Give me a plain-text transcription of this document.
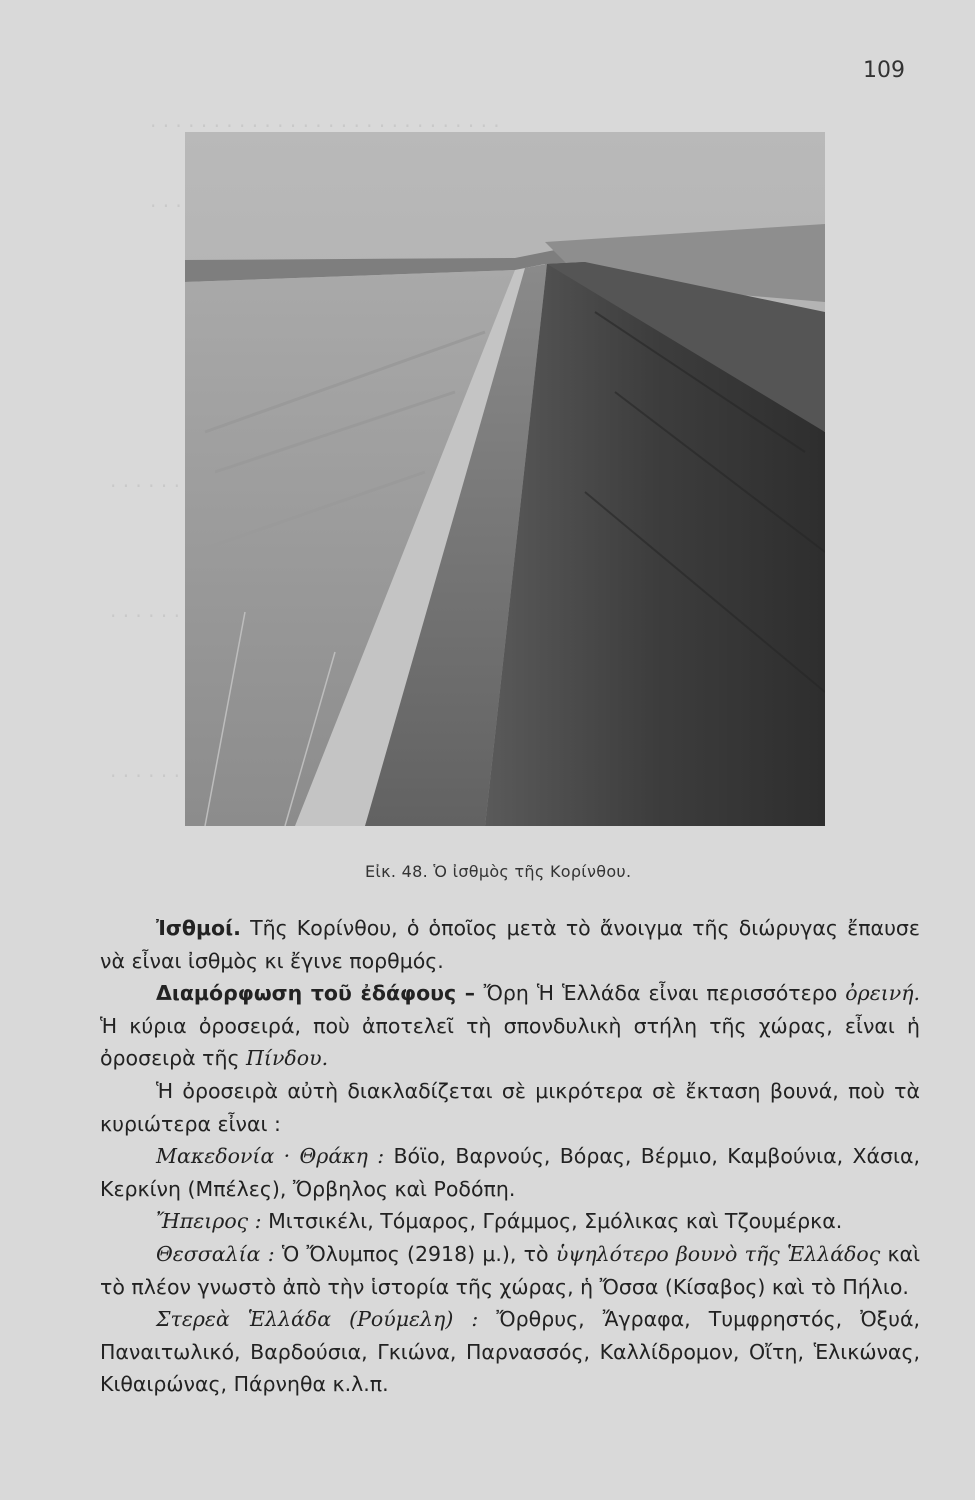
· · · · · · · · · · · · · · · · · · · · · · · · · · · ·
· · ·
· · · · · ·
· · · · · ·
· · · · · ·
109
Εἰκ. 48. Ὁ ἰσθμὸς τῆς Κορίνθου.

Ἰσθμοί. Τῆς Κορίνθου, ὁ ὁποῖος μετὰ τὸ ἄνοιγμα τῆς διώρυγας ἔπαυσε νὰ εἶναι ἰσθμὸς κι ἔγινε πορθμός.

Διαμόρφωση τοῦ ἐδάφους – Ὄρη Ἡ Ἑλλάδα εἶναι περισσότερο ὀρεινή. Ἡ κύρια ὀροσειρά, ποὺ ἀποτελεῖ τὴ σπονδυλικὴ στήλη τῆς χώρας, εἶναι ἡ ὀροσειρὰ τῆς Πίνδου.

Ἡ ὀροσειρὰ αὐτὴ διακλαδίζεται σὲ μικρότερα σὲ ἔκταση βουνά, ποὺ τὰ κυριώτερα εἶναι :

Μακεδονία · Θράκη : Βόϊο, Βαρνούς, Βόρας, Βέρμιο, Καμβούνια, Χάσια, Κερκίνη (Μπέλες), Ὄρβηλος καὶ Ροδόπη.

Ἤπειρος : Μιτσικέλι, Τόμαρος, Γράμμος, Σμόλικας καὶ Τζουμέρκα.

Θεσσαλία : Ὁ Ὄλυμπος (2918) μ.), τὸ ὑψηλότερο βουνὸ τῆς Ἑλλάδος καὶ τὸ πλέον γνωστὸ ἀπὸ τὴν ἱστορία τῆς χώρας, ἡ Ὄσσα (Κίσαβος) καὶ τὸ Πήλιο.

Στερεὰ Ἑλλάδα (Ρούμελη) : Ὄρθρυς, Ἄγραφα, Τυμφρηστός, Ὀξυά, Παναιτωλικό, Βαρδούσια, Γκιώνα, Παρνασσός, Καλλίδρομον, Οἴτη, Ἑλικώνας, Κιθαιρώνας, Πάρνηθα κ.λ.π.
